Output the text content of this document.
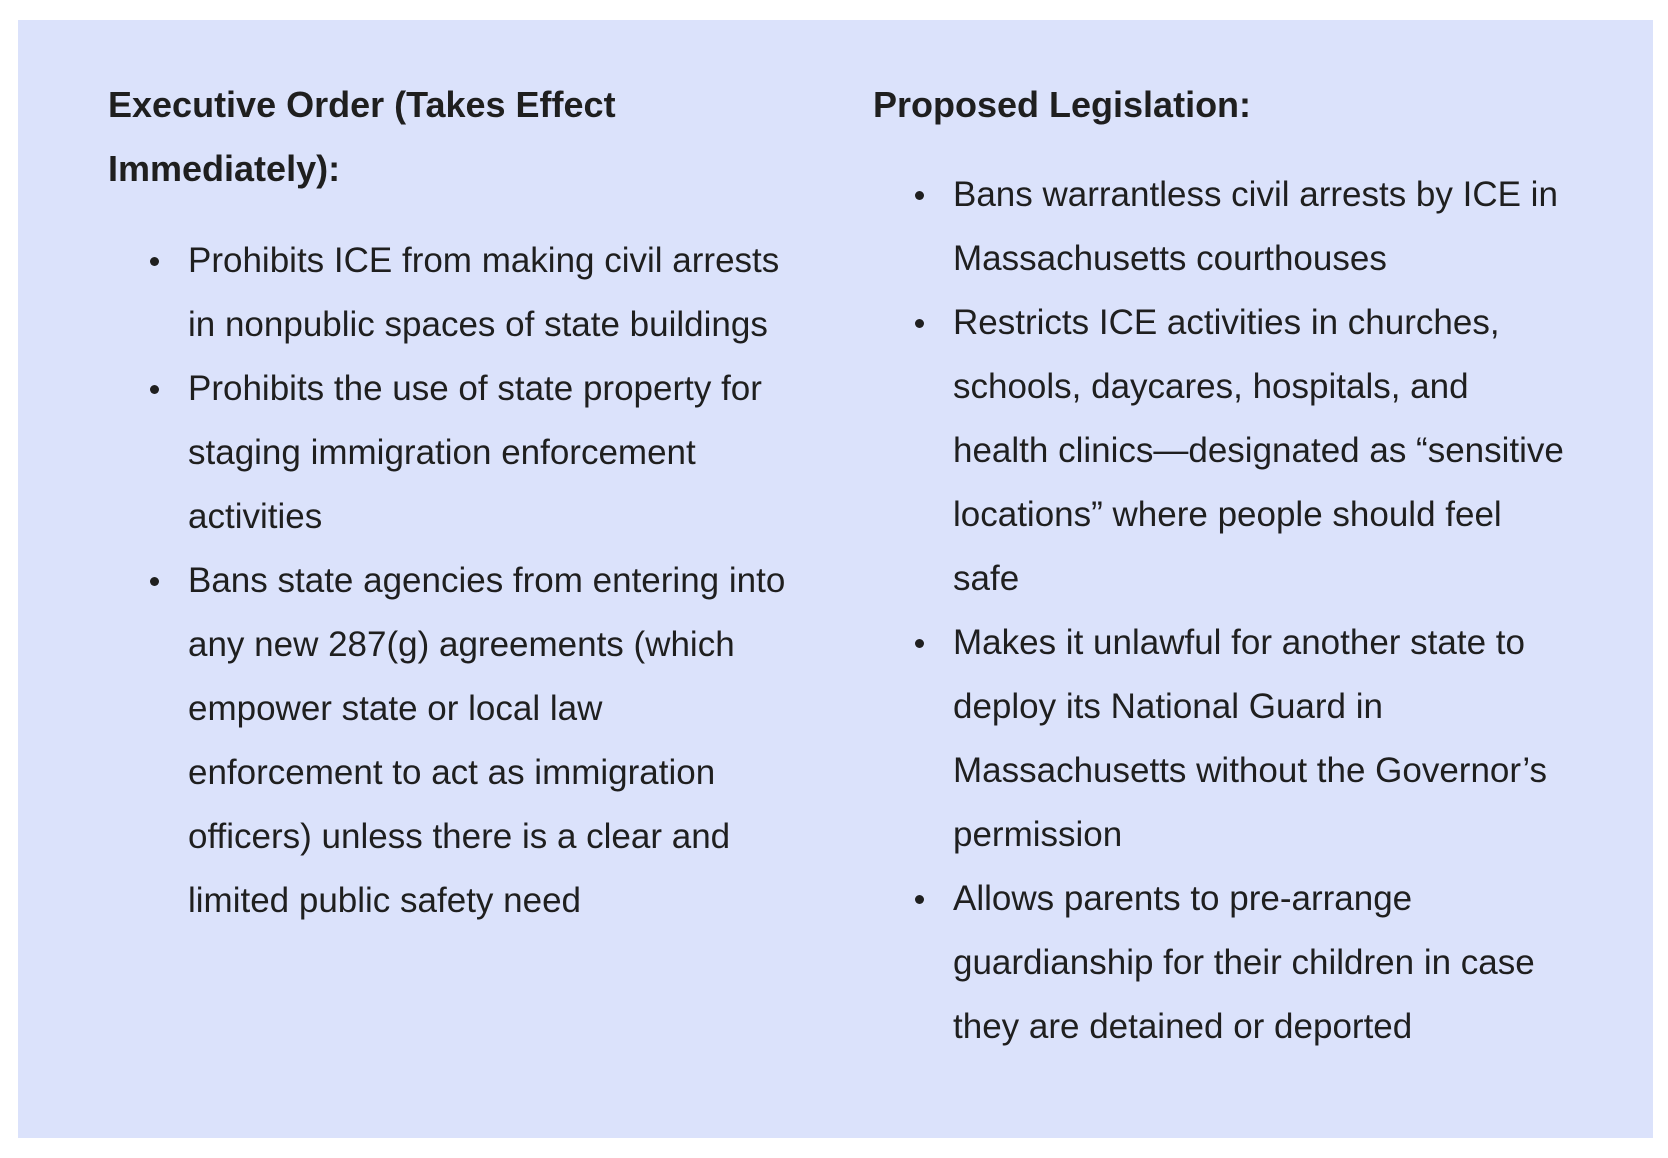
Executive Order (Takes Effect Immediately):
Prohibits ICE from making civil arrests in nonpublic spaces of state buildings
Prohibits the use of state property for staging immigration enforcement activities
Bans state agencies from entering into any new 287(g) agreements (which empower state or local law enforcement to act as immigration officers) unless there is a clear and limited public safety need
Proposed Legislation:
Bans warrantless civil arrests by ICE in Massachusetts courthouses
Restricts ICE activities in churches, schools, daycares, hospitals, and health clinics—designated as “sensitive locations” where people should feel safe
Makes it unlawful for another state to deploy its National Guard in Massachusetts without the Governor’s permission
Allows parents to pre-arrange guardianship for their children in case they are detained or deported
